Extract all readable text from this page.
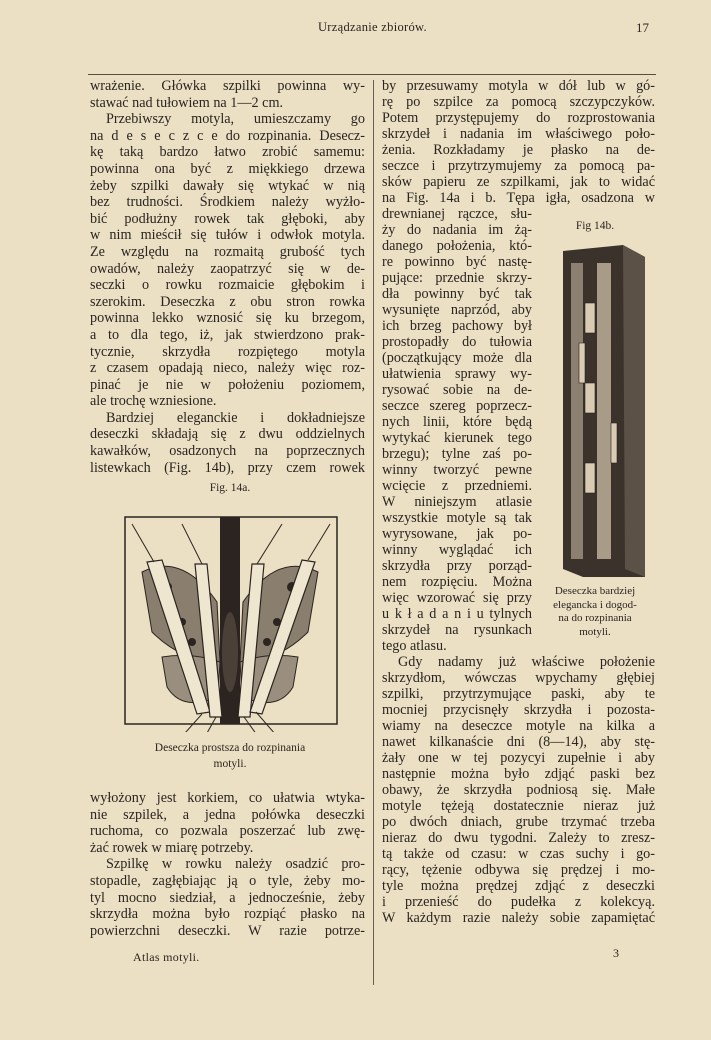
Urządzanie zbiorów.	17
wrażenie. Główka szpilki powinna wy-
stawać nad tułowiem na 1—2 cm.
Przebiwszy motyla, umieszczamy go
na d e s e c z c e do rozpinania. Desecz-
kę taką bardzo łatwo zrobić samemu:
powinna ona być z miękkiego drzewa
żeby szpilki dawały się wtykać w nią
bez trudności. Środkiem należy wyżło-
bić podłużny rowek tak głęboki, aby
w nim mieścił się tułów i odwłok motyla.
Ze względu na rozmaitą grubość tych
owadów, należy zaopatrzyć się w de-
seczki o rowku rozmaicie głębokim i
szerokim. Deseczka z obu stron rowka
powinna lekko wznosić się ku brzegom,
a to dla tego, iż, jak stwierdzono prak-
tycznie, skrzydła rozpiętego motyla
z czasem opadają nieco, należy więc roz-
pinać je nie w położeniu poziomem,
ale trochę wzniesione.
Bardziej eleganckie i dokładniejsze
deseczki składają się z dwu oddzielnych
kawałków, osadzonych na poprzecznych
listewkach (Fig. 14b), przy czem rowek
Fig. 14a.
Deseczka prostsza do rozpinania
motyli.
wyłożony jest korkiem, co ułatwia wtyka-
nie szpilek, a jedna połówka deseczki
ruchoma, co pozwala poszerzać lub zwę-
żać rowek w miarę potrzeby.
Szpilkę w rowku należy osadzić pro-
stopadle, zagłębiając ją o tyle, żeby mo-
tyl mocno siedział, a jednocześnie, żeby
skrzydła można było rozpiąć płasko na
powierzchni deseczki. W razie potrze-
by przesuwamy motyla w dół lub w gó-
rę po szpilce za pomocą szczypczyków.
Potem przystępujemy do rozprostowania
skrzydeł i nadania im właściwego poło-
żenia. Rozkładamy je płasko na de-
seczce i przytrzymujemy za pomocą pa-
sków papieru ze szpilkami, jak to widać
na Fig. 14a i b. Tępa igła, osadzona w
drewnianej rączce, słu-
ży do nadania im żą-
danego położenia, któ-
re powinno być nastę-
pujące: przednie skrzy-
dła powinny być tak
wysunięte naprzód, aby
ich brzeg pachowy był
prostopadły do tułowia
(początkujący może dla
ułatwienia sprawy wy-
rysować sobie na de-
seczce szereg poprzecz-
nych linii, które będą
wytykać kierunek tego
brzegu); tylne zaś po-
winny tworzyć pewne
wcięcie z przedniemi.
W niniejszym atlasie
wszystkie motyle są tak
wyrysowane, jak po-
winny wyglądać ich
skrzydła przy porząd-
nem rozpięciu. Można
więc wzorować się przy
u k ł a d a n i u tylnych
skrzydeł na rysunkach
tego atlasu.
Gdy nadamy już właściwe położenie
skrzydłom, wówczas wpychamy głębiej
szpilki, przytrzymujące paski, aby te
mocniej przycisnęły skrzydła i pozosta-
wiamy na deseczce motyle na kilka a
nawet kilkanaście dni (8—14), aby stę-
żały one w tej pozycyi zupełnie i aby
następnie można było zdjąć paski bez
obawy, że skrzydła podniosą się. Małe
motyle tężeją dostatecznie nieraz już
po dwóch dniach, grube trzymać trzeba
nieraz do dwu tygodni. Zależy to zresz-
tą także od czasu: w czas suchy i go-
rący, tężenie odbywa się prędzej i mo-
tyle można prędzej zdjąć z deseczki
i przenieść do pudełka z kolekcyą.
W każdym razie należy sobie zapamiętać
Fig 14b.
Deseczka bardziej
elegancka i dogod-
na do rozpinania
motyli.
Atlas motyli.	3
